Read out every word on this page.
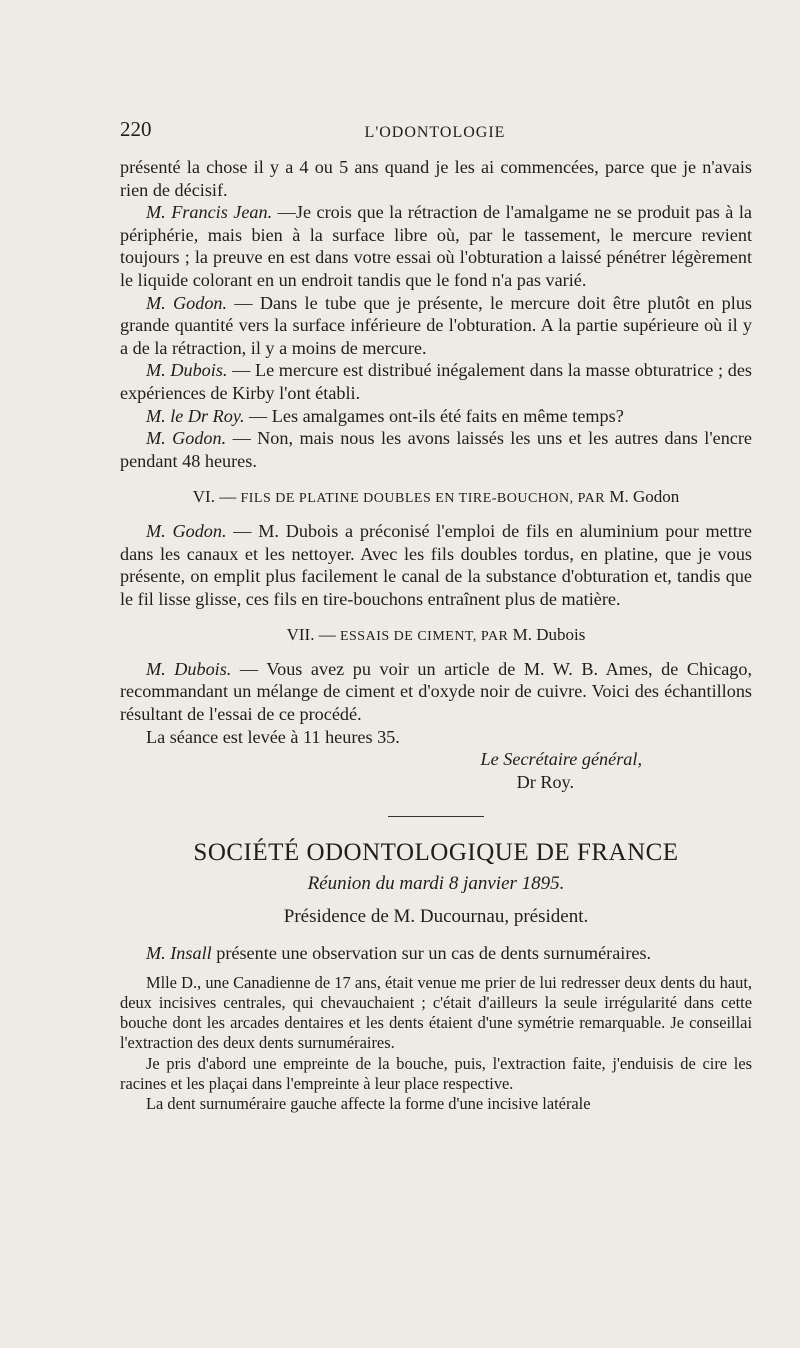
220	L'ODONTOLOGIE

présenté la chose il y a 4 ou 5 ans quand je les ai commencées, parce que je n'avais rien de décisif.

M. Francis Jean. —Je crois que la rétraction de l'amalgame ne se produit pas à la périphérie, mais bien à la surface libre où, par le tassement, le mercure revient toujours ; la preuve en est dans votre essai où l'obturation a laissé pénétrer légèrement le liquide colorant en un endroit tandis que le fond n'a pas varié.

M. Godon. — Dans le tube que je présente, le mercure doit être plutôt en plus grande quantité vers la surface inférieure de l'obturation. A la partie supérieure où il y a de la rétraction, il y a moins de mercure.

M. Dubois. — Le mercure est distribué inégalement dans la masse obturatrice ; des expériences de Kirby l'ont établi.

M. le Dr Roy. — Les amalgames ont-ils été faits en même temps?

M. Godon. — Non, mais nous les avons laissés les uns et les autres dans l'encre pendant 48 heures.

VI. — FILS DE PLATINE DOUBLES EN TIRE-BOUCHON, PAR M. Godon

M. Godon. — M. Dubois a préconisé l'emploi de fils en aluminium pour mettre dans les canaux et les nettoyer. Avec les fils doubles tordus, en platine, que je vous présente, on emplit plus facilement le canal de la substance d'obturation et, tandis que le fil lisse glisse, ces fils en tire-bouchons entraînent plus de matière.

VII. — ESSAIS DE CIMENT, PAR M. Dubois

M. Dubois. — Vous avez pu voir un article de M. W. B. Ames, de Chicago, recommandant un mélange de ciment et d'oxyde noir de cuivre. Voici des échantillons résultant de l'essai de ce procédé.

La séance est levée à 11 heures 35.

Le Secrétaire général,

Dr Roy.

SOCIÉTÉ ODONTOLOGIQUE DE FRANCE
Réunion du mardi 8 janvier 1895.
Présidence de M. Ducournau, président.

M. Insall présente une observation sur un cas de dents surnuméraires.

Mlle D., une Canadienne de 17 ans, était venue me prier de lui redresser deux dents du haut, deux incisives centrales, qui chevauchaient ; c'était d'ailleurs la seule irrégularité dans cette bouche dont les arcades dentaires et les dents étaient d'une symétrie remarquable. Je conseillai l'extraction des deux dents surnuméraires.

Je pris d'abord une empreinte de la bouche, puis, l'extraction faite, j'enduisis de cire les racines et les plaçai dans l'empreinte à leur place respective.

La dent surnuméraire gauche affecte la forme d'une incisive latérale
